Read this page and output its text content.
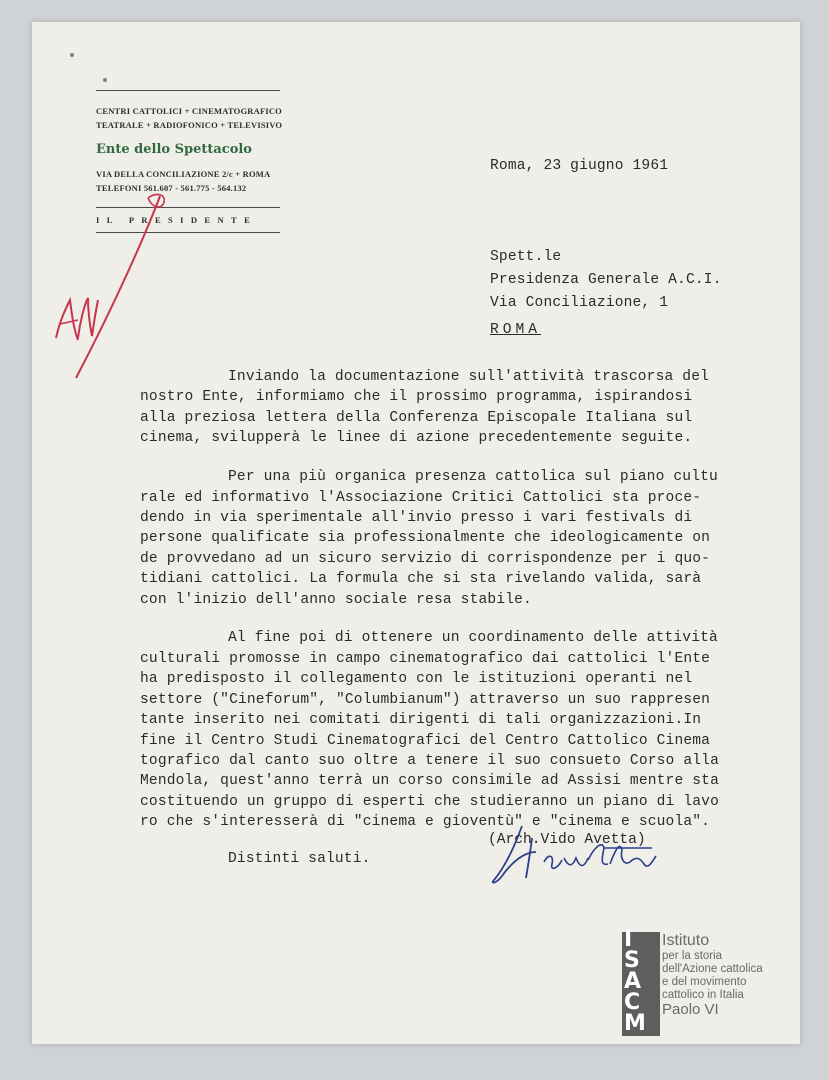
CENTRI CATTOLICI + CINEMATOGRAFICO
TEATRALE + RADIOFONICO + TELEVISIVO
Ente dello Spettacolo
VIA DELLA CONCILIAZIONE 2/c + ROMA
TELEFONI 561.607 - 561.775 - 564.132
IL PRESIDENTE
Roma, 23 giugno 1961
Spett.le
Presidenza Generale A.C.I.
Via Conciliazione, 1
ROMA
Inviando la documentazione sull'attività trascorsa del
nostro Ente, informiamo che il prossimo programma, ispirandosi
alla preziosa lettera della Conferenza Episcopale Italiana sul
cinema, svilupperà le linee di azione precedentemente seguite.
Per una più organica presenza cattolica sul piano cultu
rale ed informativo l'Associazione Critici Cattolici sta proce-
dendo in via sperimentale all'invio presso i vari festivals di
persone qualificate sia professionalmente che ideologicamente on
de provvedano ad un sicuro servizio di corrispondenze per i quo-
tidiani cattolici. La formula che si sta rivelando valida, sarà
con l'inizio dell'anno sociale resa stabile.
Al fine poi di ottenere un coordinamento delle attività
culturali promosse in campo cinematografico dai cattolici l'Ente
ha predisposto il collegamento con le istituzioni operanti nel
settore ("Cineforum", "Columbianum") attraverso un suo rappresen
tante inserito nei comitati dirigenti di tali organizzazioni.In
fine il Centro Studi Cinematografici del Centro Cattolico Cinema
tografico dal canto suo oltre a tenere il suo consueto Corso alla
Mendola, quest'anno terrà un corso consimile ad Assisi mentre sta
costituendo un gruppo di esperti che studieranno un piano di lavo
ro che s'interesserà di "cinema e gioventù" e "cinema e scuola".
Distinti saluti.
(Arch.Vido Avetta)
I
S
A
C
M
Istituto
per la storia
dell'Azione cattolica
e del movimento
cattolico in Italia
Paolo VI
